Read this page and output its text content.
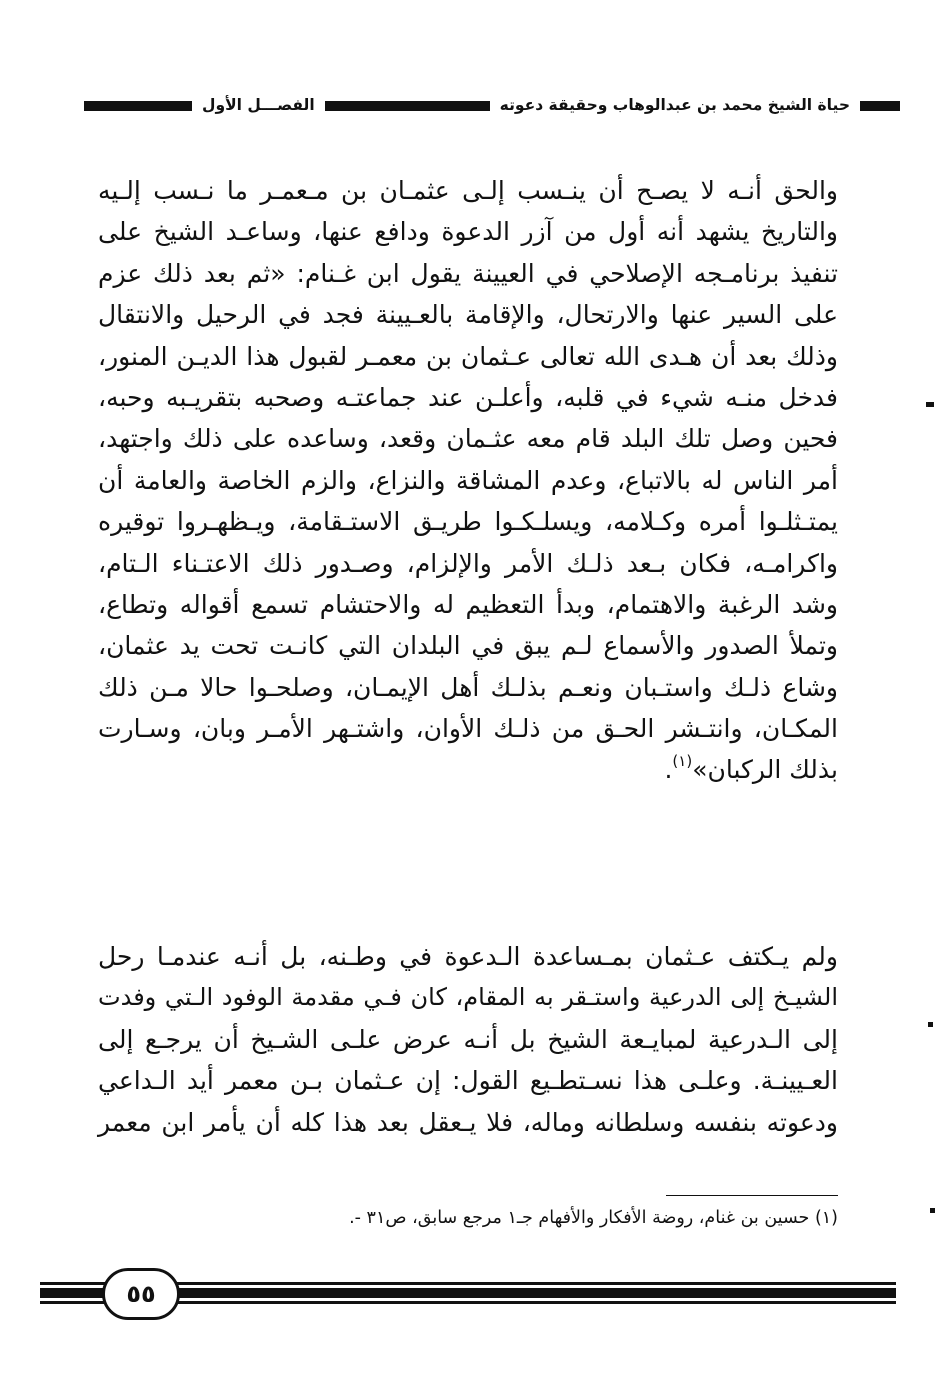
حياة الشيخ محمد بن عبدالوهاب وحقيقة دعوته
الفصـــل الأول
والحق أنـه لا يصـح أن ينـسب إلـى عثمـان بن مـعمـر ما نـسب إلـيه
والتاريخ يشهد أنه أول من آزر الدعوة ودافع عنها، وساعـد الشيخ على
تنفيذ برنامـجه الإصلاحي في العيينة يقول ابن غـنام: «ثم بعد ذلك عزم
على السير عنها والارتحال، والإقامة بالعـيينة فجد في الرحيل والانتقال
وذلك بعد أن هـدى الله تعالى عـثمان بن معمـر لقبول هذا الديـن المنور،
فدخل منـه شيء في قلبه، وأعلـن عند جماعتـه وصحبه بتقريـبه وحبه،
فحين وصل تلك البلد قام معه عثـمان وقعد، وساعده على ذلك واجتهد،
أمر الناس له بالاتباع، وعدم المشاقة والنزاع، والزم الخاصة والعامة أن
يمتـثلـوا أمره وكـلامه، ويسلـكـوا طريـق الاستـقامة، ويـظهـروا توقيره
واكرامـه، فكان بـعد ذلـك الأمر والإلزام، وصـدور ذلك الاعتـناء الـتام،
وشد الرغبة والاهتمام، وبدأ التعظيم له والاحتشام تسمع أقواله وتطاع،
وتملأ الصدور والأسماع لـم يبق في البلدان التي كانـت تحت يد عثمان،
وشاع ذلـك واستـبان ونعـم بذلـك أهل الإيمـان، وصلحـوا حالا مـن ذلك
المكـان، وانتـشر الحـق من ذلـك الأوان، واشتـهر الأمـر وبان، وسـارت
بذلك الركبان»$^{(١)}$.
ولم يـكتف عـثمان بمـساعدة الـدعوة في وطـنه، بل أنـه عندمـا رحل
الشيـخ إلى الدرعية واستـقر به المقام، كان فـي مقدمة الوفود الـتي وفدت
إلى الـدرعية لمبايـعة الشيخ بل أنـه عرض علـى الشـيخ أن يرجـع إلى
العـيينـة. وعلـى هذا نسـتطـيع القول: إن عـثمان بـن معمر أيد الـداعي
ودعوته بنفسه وسلطانه وماله، فلا يـعقل بعد هذا كله أن يأمر ابن معمر
(١) حسين بن غنام، روضة الأفكار والأفهام جـ١ مرجع سابق، ص٣١ -.
٥٥
